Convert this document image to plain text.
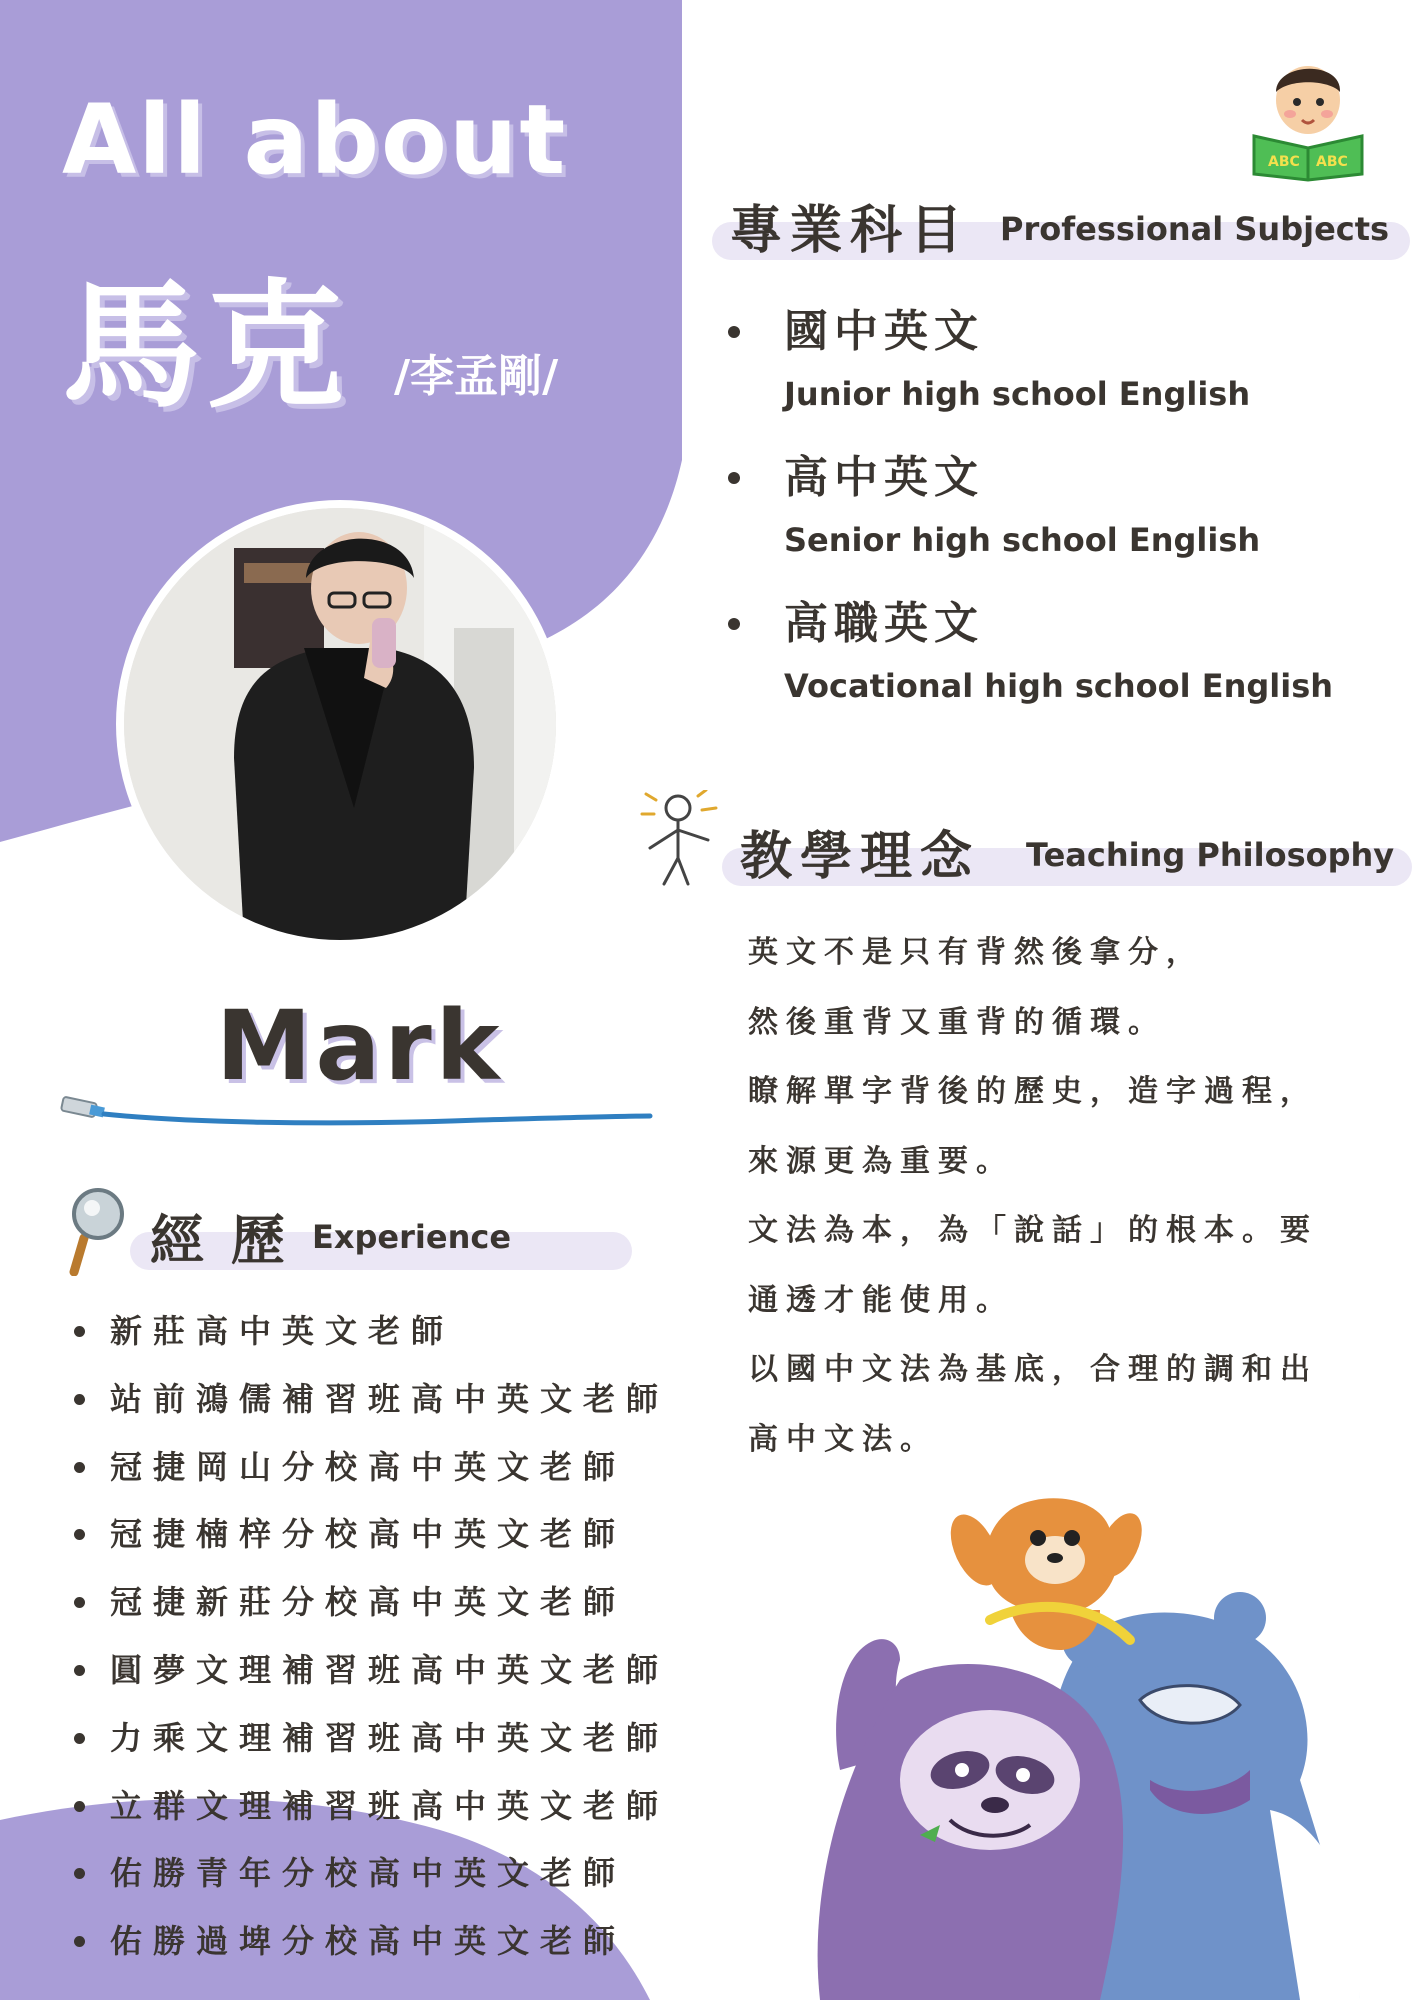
All about
馬克 /李孟剛/
Mark
ABC ABC
專業科目 Professional Subjects
國中英文
Junior high school English
高中英文
Senior high school English
高職英文
Vocational high school English
教學理念 Teaching Philosophy
英文不是只有背然後拿分，
然後重背又重背的循環。
瞭解單字背後的歷史，造字過程，
來源更為重要。
文法為本，為「說話」的根本。要
通透才能使用。
以國中文法為基底，合理的調和出
高中文法。
經 歷 Experience
新莊高中英文老師
站前鴻儒補習班高中英文老師
冠捷岡山分校高中英文老師
冠捷楠梓分校高中英文老師
冠捷新莊分校高中英文老師
圓夢文理補習班高中英文老師
力乘文理補習班高中英文老師
立群文理補習班高中英文老師
佑勝青年分校高中英文老師
佑勝過埤分校高中英文老師
